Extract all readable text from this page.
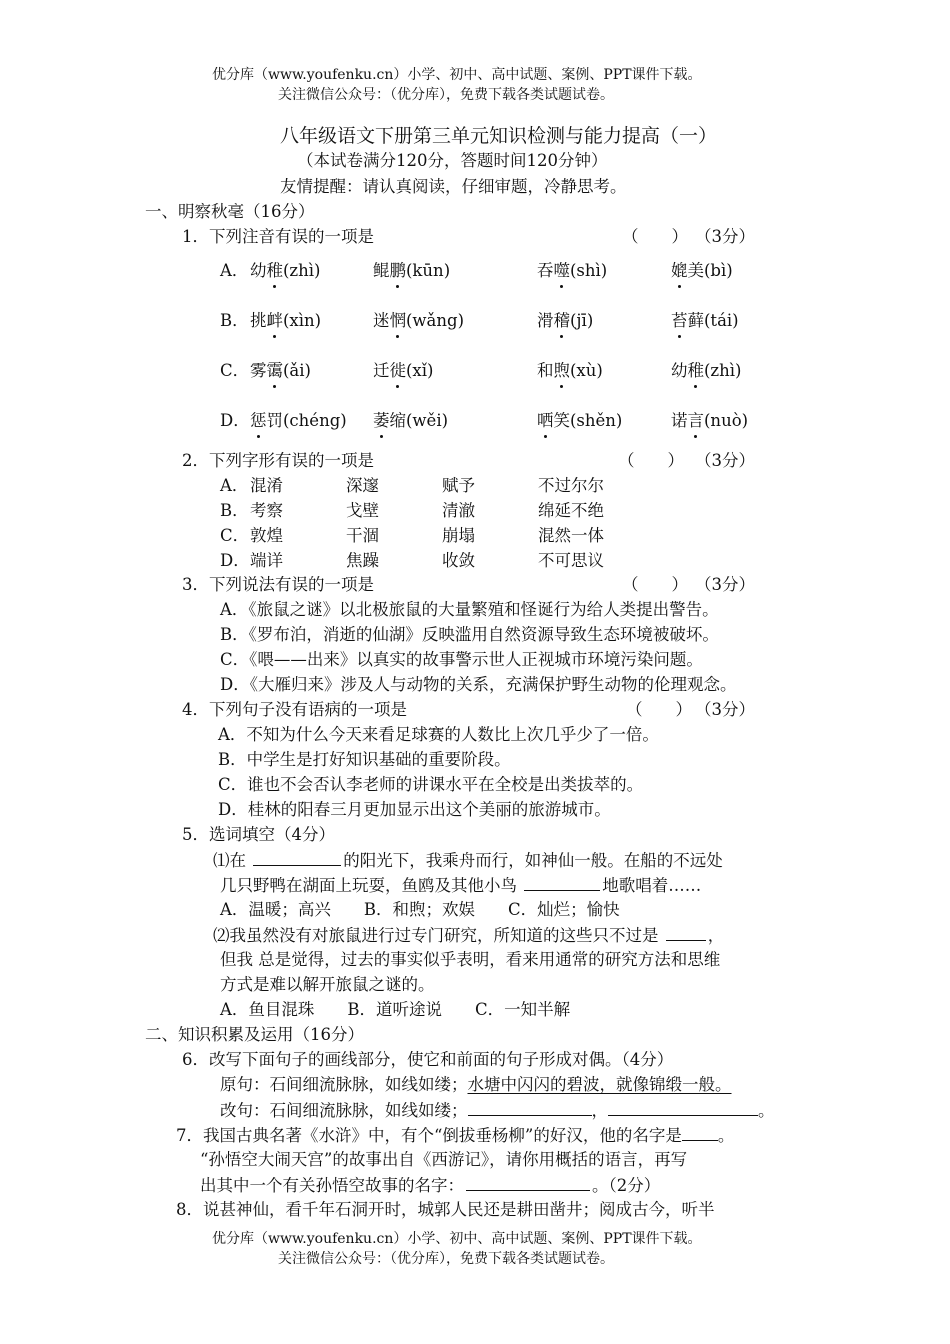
优分库（www.youfenku.cn）小学、初中、高中试题、案例、PPT课件下载。
关注微信公众号：（优分库），免费下载各类试题试卷。
八年级语文下册第三单元知识检测与能力提高（一）
（本试卷满分120分，答题时间120分钟）
友情提醒：请认真阅读，仔细审题，冷静思考。
一、明察秋毫（16分）
1．下列注音有误的一项是	（　　） （3分）
A． 幼稚(zhì)	鲲鹏(kūn)	吞噬(shì)	媲美(bì)
B． 挑衅(xìn)	迷惘(wǎng)	滑稽(jī)	苔藓(tái)
C． 雾霭(ǎi)	迁徙(xǐ)	和煦(xù)	幼稚(zhì)
D． 惩罚(chéng) 萎缩(wěi)	哂笑(shěn)	诺言(nuò)
2．下列字形有误的一项是	（　　） （3分）
A． 混淆	深邃	赋予	不过尔尔
B． 考察	戈壁	清澈	绵延不绝
C． 敦煌	干涸	崩塌	混然一体
D． 端详	焦躁	收敛	不可思议
3．下列说法有误的一项是	（　　） （3分）
A．《旅鼠之谜》以北极旅鼠的大量繁殖和怪诞行为给人类提出警告。
B．《罗布泊，消逝的仙湖》反映滥用自然资源导致生态环境被破坏。
C．《喂——出来》以真实的故事警示世人正视城市环境污染问题。
D．《大雁归来》涉及人与动物的关系，充满保护野生动物的伦理观念。
4．下列句子没有语病的一项是	（　　） （3分）
A．不知为什么今天来看足球赛的人数比上次几乎少了一倍。
B．中学生是打好知识基础的重要阶段。
C．谁也不会否认李老师的讲课水平在全校是出类拔萃的。
D．桂林的阳春三月更加显示出这个美丽的旅游城市。
5．选词填空（4分）
⑴在	的阳光下，我乘舟而行，如神仙一般。在船的不远处
几只野鸭在湖面上玩耍，鱼鸥及其他小鸟	地歌唱着……
A．温暖；高兴　　B．和煦；欢娱　　C．灿烂；愉快
⑵我虽然没有对旅鼠进行过专门研究，所知道的这些只不过是	，
但我 总是觉得，过去的事实似乎表明，看来用通常的研究方法和思维
方式是难以解开旅鼠之谜的。
A．鱼目混珠　　B．道听途说　　C．一知半解
二、知识积累及运用（16分）
6．改写下面句子的画线部分，使它和前面的句子形成对偶。（4分）
原句：石间细流脉脉，如线如缕；水塘中闪闪的碧波，就像锦缎一般。
改句：石间细流脉脉，如线如缕；	，	。
7．我国古典名著《水浒》中，有个“倒拔垂杨柳”的好汉，他的名字是 。
“孙悟空大闹天宫”的故事出自《西游记》，请你用概括的语言，再写
出其中一个有关孙悟空故事的名字：	。（2分）
8．说甚神仙，看千年石洞开时，城郭人民还是耕田凿井；阅成古今，听半
优分库（www.youfenku.cn）小学、初中、高中试题、案例、PPT课件下载。
关注微信公众号：（优分库），免费下载各类试题试卷。
